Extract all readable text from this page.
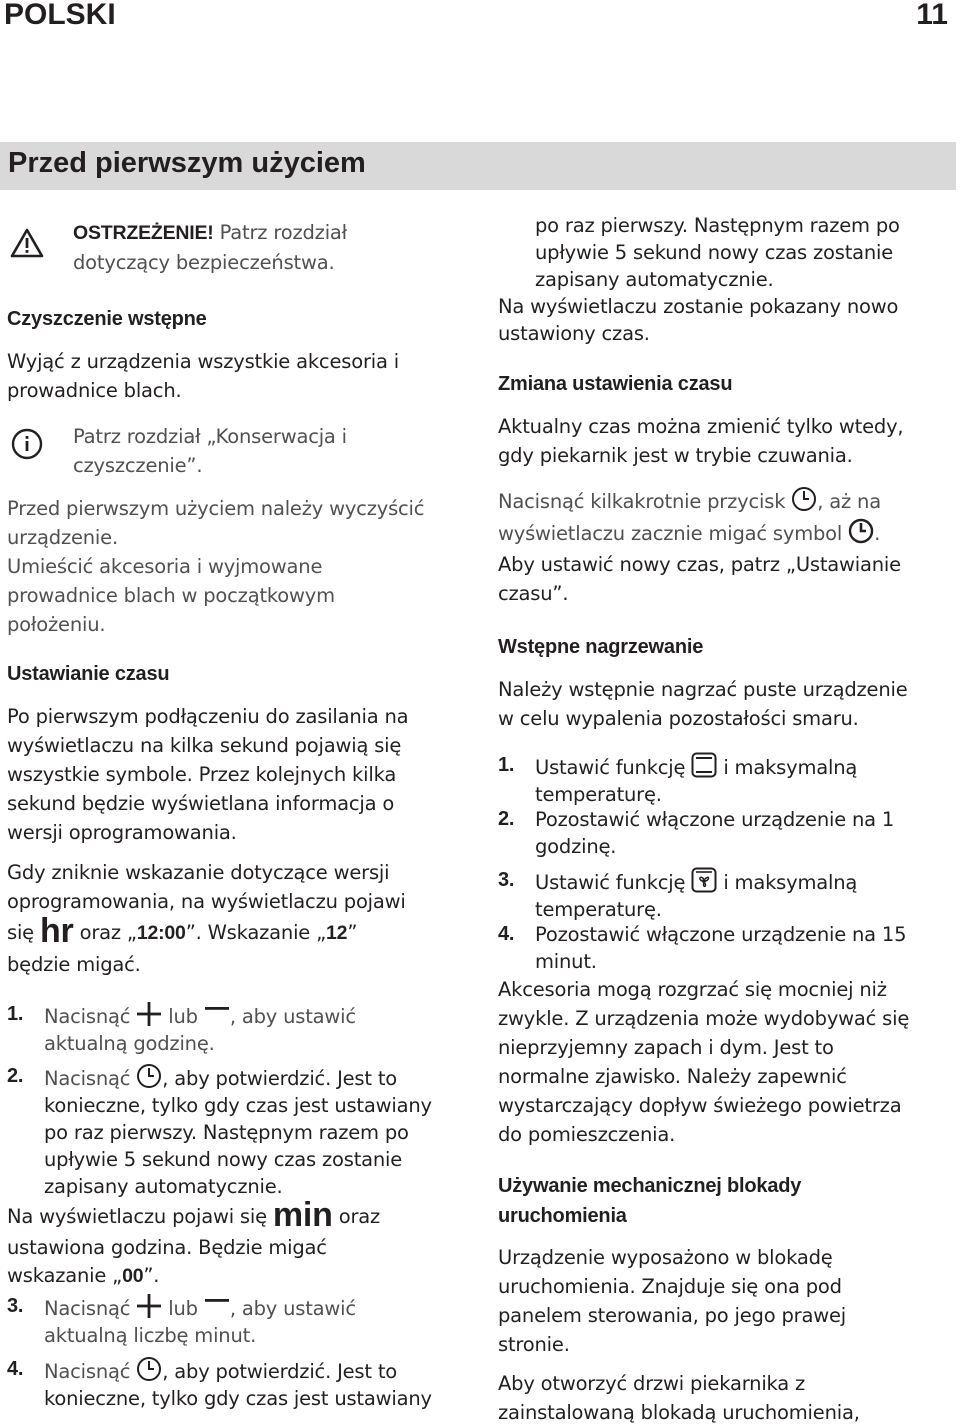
POLSKI	11
Przed pierwszym użyciem
OSTRZEŻENIE! Patrz rozdział
dotyczący bezpieczeństwa.
Czyszczenie wstępne
Wyjąć z urządzenia wszystkie akcesoria i
prowadnice blach.
Patrz rozdział „Konserwacja i
czyszczenie”.
Przed pierwszym użyciem należy wyczyścić
urządzenie.
Umieścić akcesoria i wyjmowane
prowadnice blach w początkowym
położeniu.
Ustawianie czasu
Po pierwszym podłączeniu do zasilania na
wyświetlaczu na kilka sekund pojawią się
wszystkie symbole. Przez kolejnych kilka
sekund będzie wyświetlana informacja o
wersji oprogramowania.
Gdy zniknie wskazanie dotyczące wersji
oprogramowania, na wyświetlaczu pojawi
się hr oraz „12:00”. Wskazanie „12”
będzie migać.
1. Nacisnąć  lub , aby ustawić
aktualną godzinę.
2. Nacisnąć , aby potwierdzić. Jest to
konieczne, tylko gdy czas jest ustawiany
po raz pierwszy. Następnym razem po
upływie 5 sekund nowy czas zostanie
zapisany automatycznie.
Na wyświetlaczu pojawi się min oraz
ustawiona godzina. Będzie migać
wskazanie „00”.
3. Nacisnąć  lub , aby ustawić
aktualną liczbę minut.
4. Nacisnąć , aby potwierdzić. Jest to
konieczne, tylko gdy czas jest ustawiany
po raz pierwszy. Następnym razem po
upływie 5 sekund nowy czas zostanie
zapisany automatycznie.
Na wyświetlaczu zostanie pokazany nowo
ustawiony czas.
Zmiana ustawienia czasu
Aktualny czas można zmienić tylko wtedy,
gdy piekarnik jest w trybie czuwania.
Nacisnąć kilkakrotnie przycisk , aż na
wyświetlaczu zacznie migać symbol .
Aby ustawić nowy czas, patrz „Ustawianie
czasu”.
Wstępne nagrzewanie
Należy wstępnie nagrzać puste urządzenie
w celu wypalenia pozostałości smaru.
1. Ustawić funkcję  i maksymalną
temperaturę.
2. Pozostawić włączone urządzenie na 1
godzinę.
3. Ustawić funkcję  i maksymalną
temperaturę.
4. Pozostawić włączone urządzenie na 15
minut.
Akcesoria mogą rozgrzać się mocniej niż
zwykle. Z urządzenia może wydobywać się
nieprzyjemny zapach i dym. Jest to
normalne zjawisko. Należy zapewnić
wystarczający dopływ świeżego powietrza
do pomieszczenia.
Używanie mechanicznej blokady
uruchomienia
Urządzenie wyposażono w blokadę
uruchomienia. Znajduje się ona pod
panelem sterowania, po jego prawej
stronie.
Aby otworzyć drzwi piekarnika z
zainstalowaną blokadą uruchomienia,
